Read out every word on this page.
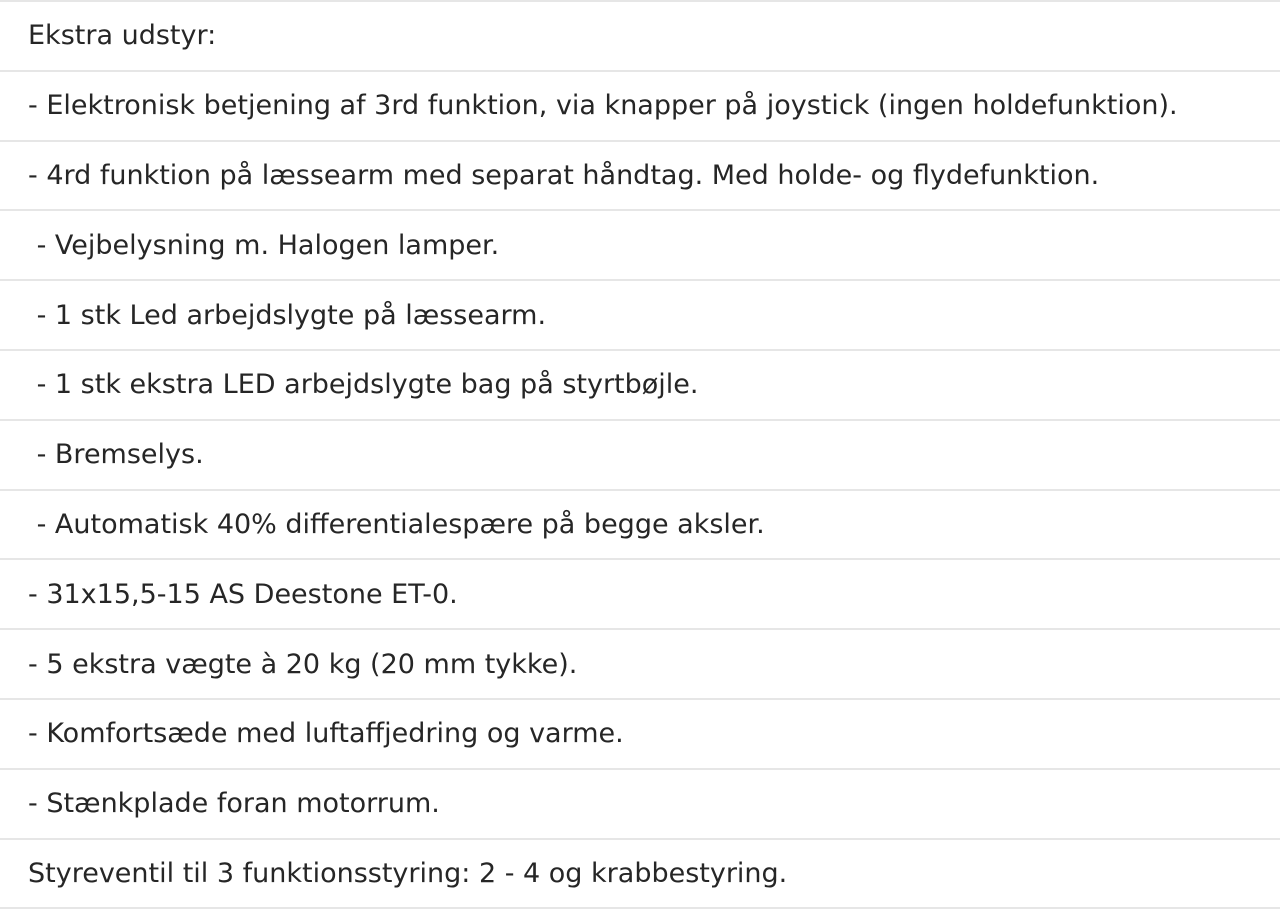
Ekstra udstyr:
- Elektronisk betjening af 3rd funktion, via knapper på joystick (ingen holdefunktion).
- 4rd funktion på læssearm med separat håndtag. Med holde- og flydefunktion.
- Vejbelysning m. Halogen lamper.
- 1 stk Led arbejdslygte på læssearm.
- 1 stk ekstra LED arbejdslygte bag på styrtbøjle.
- Bremselys.
- Automatisk 40% differentialespære på begge aksler.
- 31x15,5-15 AS Deestone ET-0.
- 5 ekstra vægte à 20 kg (20 mm tykke).
- Komfortsæde med luftaffjedring og varme.
- Stænkplade foran motorrum.
Styreventil til 3 funktionsstyring: 2 - 4 og krabbestyring.
